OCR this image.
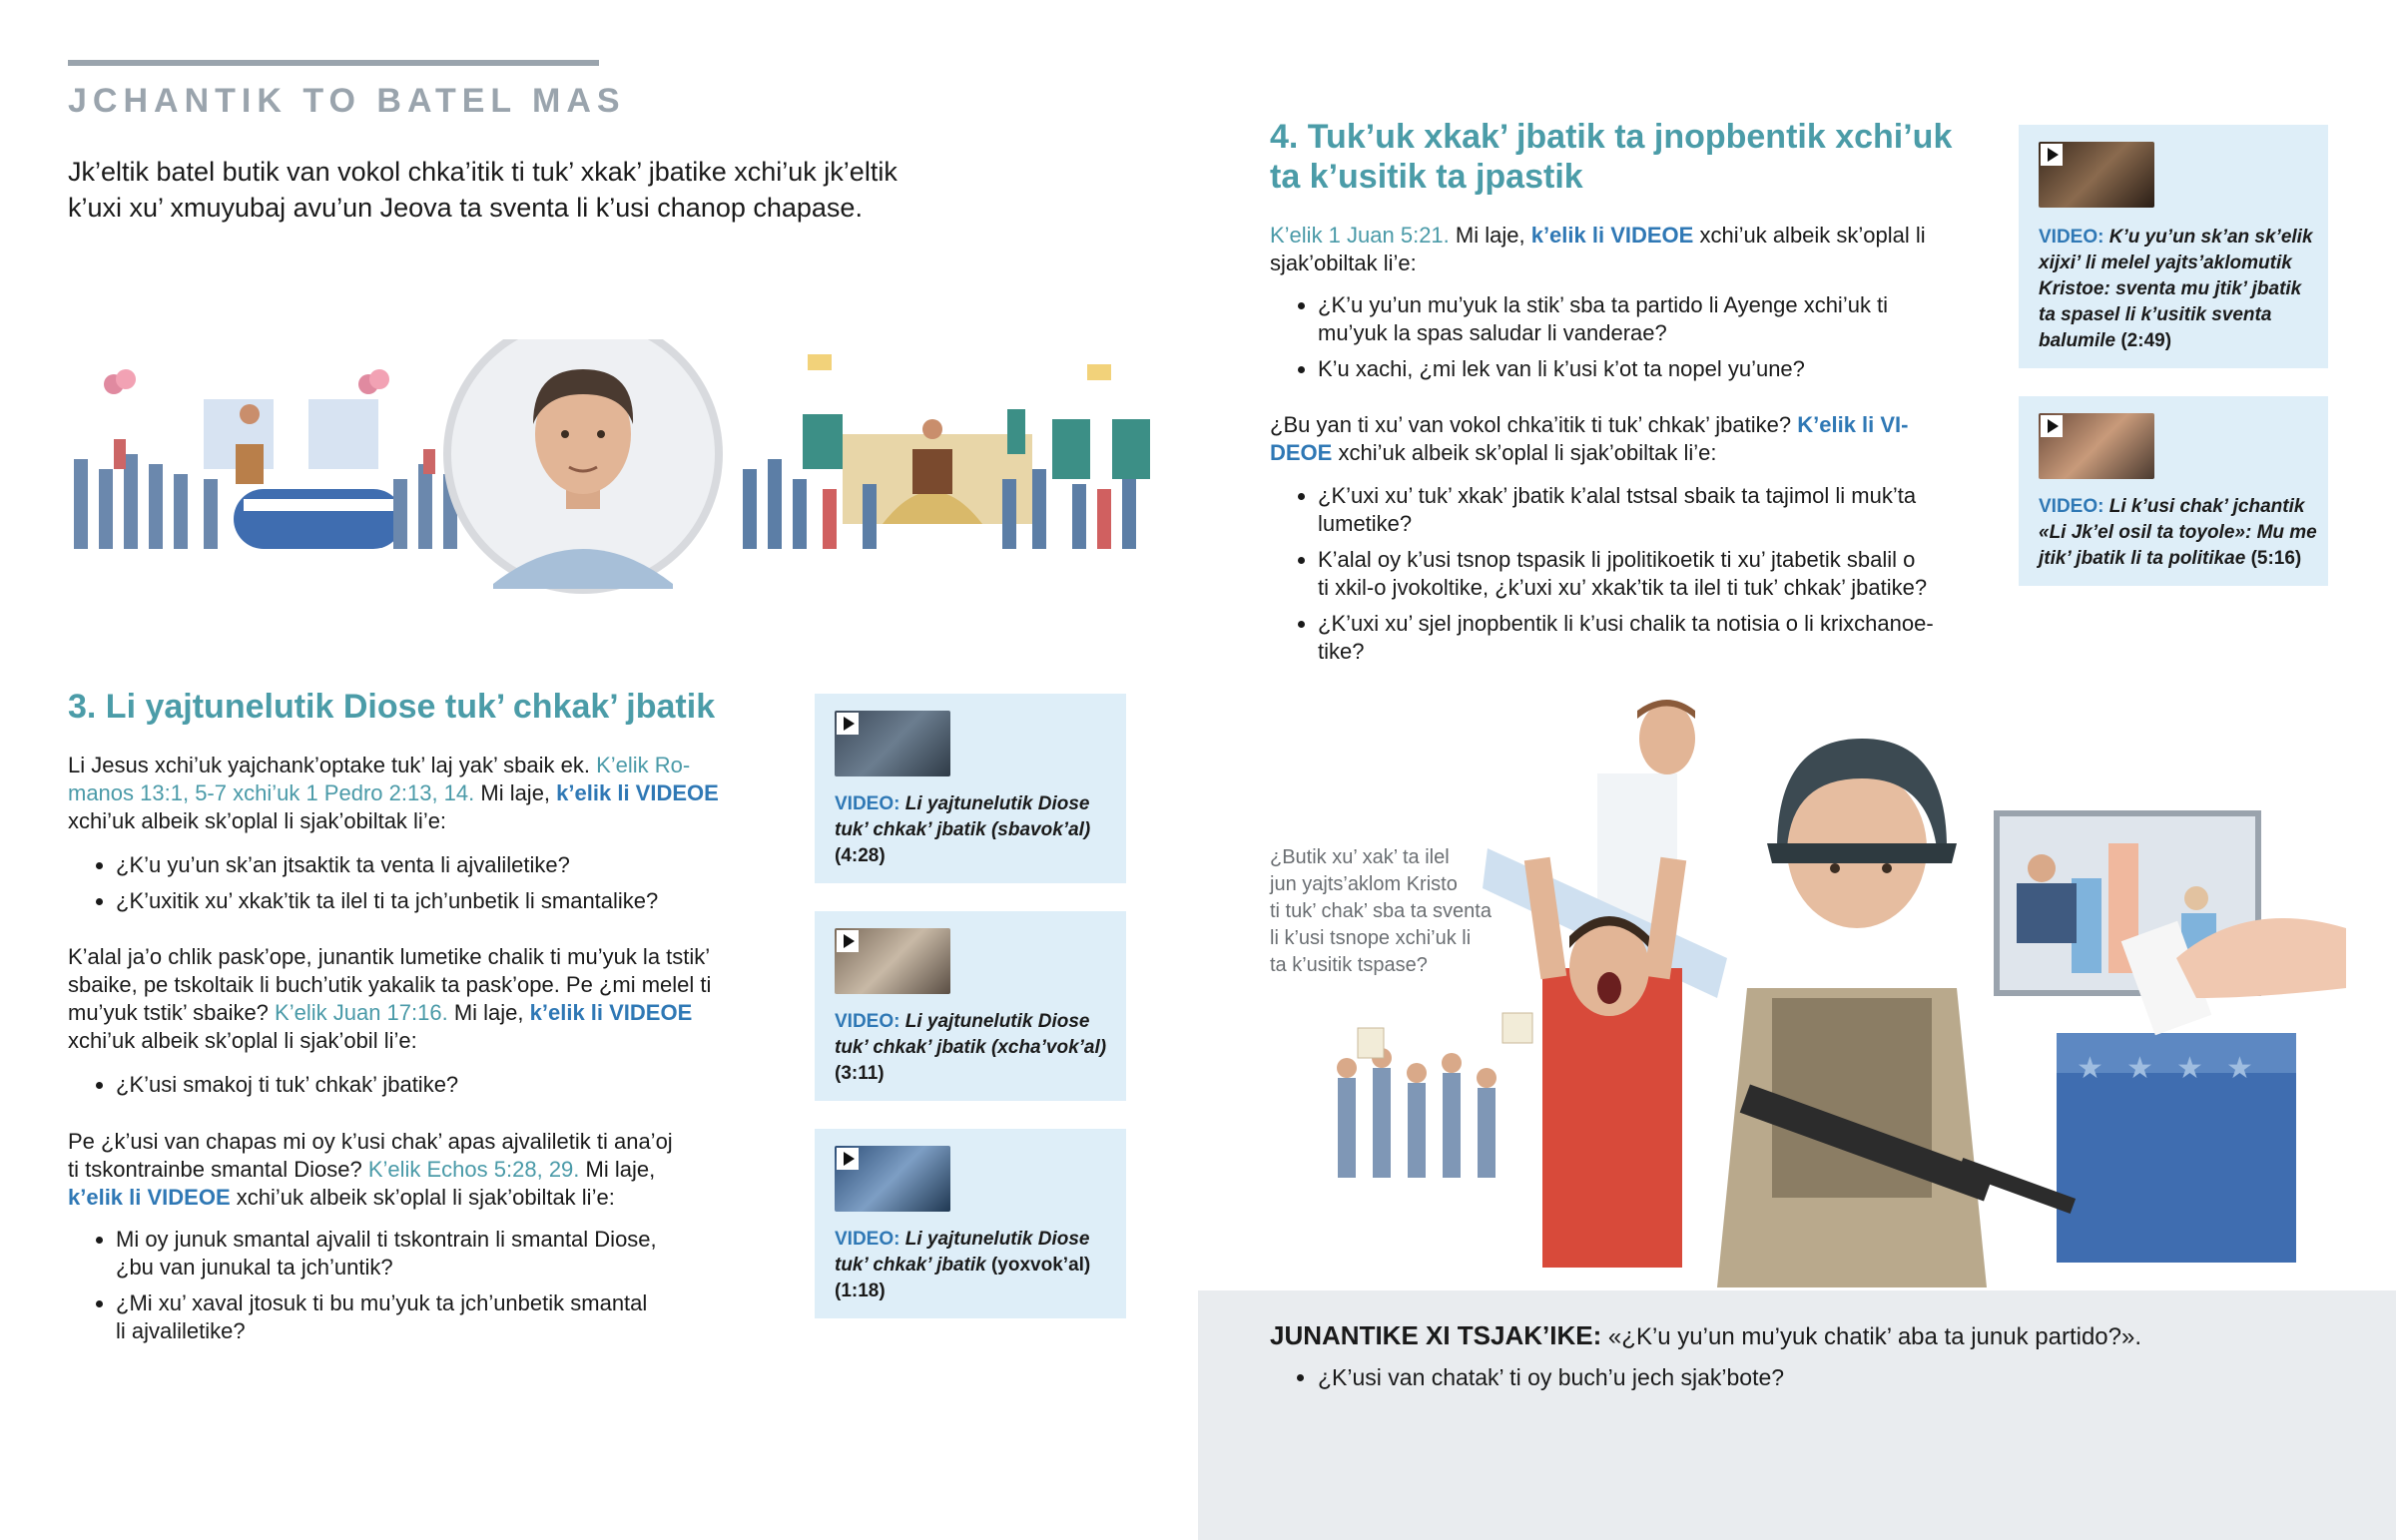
JCHANTIK TO BATEL MAS
Jk’eltik batel butik van vokol chka’itik ti tuk’ xkak’ jbatike xchi’uk jk’eltik
k’uxi xu’ xmuyubaj avu’un Jeova ta sventa li k’usi chanop chapase.
3. Li yajtunelutik Diose tuk’ chkak’ jbatik
Li Jesus xchi’uk yajchank’optake tuk’ laj yak’ sbaik ek. K’elik Ro-
manos 13:1, 5-7 xchi’uk 1 Pedro 2:13, 14. Mi laje, k’elik li VIDEOE
xchi’uk albeik sk’oplal li sjak’obiltak li’e:
• ¿K’u yu’un sk’an jtsaktik ta venta li ajvaliletike?
• ¿K’uxitik xu’ xkak’tik ta ilel ti ta jch’unbetik li smantalike?
K’alal ja’o chlik pask’ope, junantik lumetike chalik ti mu’yuk la tstik’
sbaike, pe tskoltaik li buch’utik yakalik ta pask’ope. Pe ¿mi melel ti
mu’yuk tstik’ sbaike? K’elik Juan 17:16. Mi laje, k’elik li VIDEOE
xchi’uk albeik sk’oplal li sjak’obil li’e:
• ¿K’usi smakoj ti tuk’ chkak’ jbatike?
Pe ¿k’usi van chapas mi oy k’usi chak’ apas ajvaliletik ti ana’oj
ti tskontrainbe smantal Diose? K’elik Echos 5:28, 29. Mi laje,
k’elik li VIDEOE xchi’uk albeik sk’oplal li sjak’obiltak li’e:
• Mi oy junuk smantal ajvalil ti tskontrain li smantal Diose,
¿bu van junukal ta jch’untik?
• ¿Mi xu’ xaval jtosuk ti bu mu’yuk ta jch’unbetik smantal
li ajvaliletike?
VIDEO: Li yajtunelutik Diose
tuk’ chkak’ jbatik (sbavok’al)
(4:28)
VIDEO: Li yajtunelutik Diose
tuk’ chkak’ jbatik (xcha’vok’al)
(3:11)
VIDEO: Li yajtunelutik Diose
tuk’ chkak’ jbatik (yoxvok’al)
(1:18)
4. Tuk’uk xkak’ jbatik ta jnopbentik xchi’uk
ta k’usitik ta jpastik
K’elik 1 Juan 5:21. Mi laje, k’elik li VIDEOE xchi’uk albeik sk’oplal li
sjak’obiltak li’e:
• ¿K’u yu’un mu’yuk la stik’ sba ta partido li Ayenge xchi’uk ti
mu’yuk la spas saludar li vanderae?
• K’u xachi, ¿mi lek van li k’usi k’ot ta nopel yu’une?
¿Bu yan ti xu’ van vokol chka’itik ti tuk’ chkak’ jbatike? K’elik li VI-
DEOE xchi’uk albeik sk’oplal li sjak’obiltak li’e:
• ¿K’uxi xu’ tuk’ xkak’ jbatik k’alal tstsal sbaik ta tajimol li muk’ta
lumetike?
• K’alal oy k’usi tsnop tspasik li jpolitikoetik ti xu’ jtabetik sbalil o
ti xkil-o jvokoltike, ¿k’uxi xu’ xkak’tik ta ilel ti tuk’ chkak’ jbatike?
• ¿K’uxi xu’ sjel jnopbentik li k’usi chalik ta notisia o li krixchanoe-
tike?
VIDEO: K’u yu’un sk’an sk’elik
xijxi’ li melel yajts’aklomutik
Kristoe: sventa mu jtik’ jbatik
ta spasel li k’usitik sventa
balumile (2:49)
VIDEO: Li k’usi chak’ jchantik
«Li Jk’el osil ta toyole»: Mu me
jtik’ jbatik li ta politikae (5:16)
¿Butik xu’ xak’ ta ilel
jun yajts’aklom Kristo
ti tuk’ chak’ sba ta sventa
li k’usi tsnope xchi’uk li
ta k’usitik tspase?
★ ★ ★ ★
JUNANTIKE XI TSJAK’IKE: «¿K’u yu’un mu’yuk chatik’ aba ta junuk partido?».
• ¿K’usi van chatak’ ti oy buch’u jech sjak’bote?
